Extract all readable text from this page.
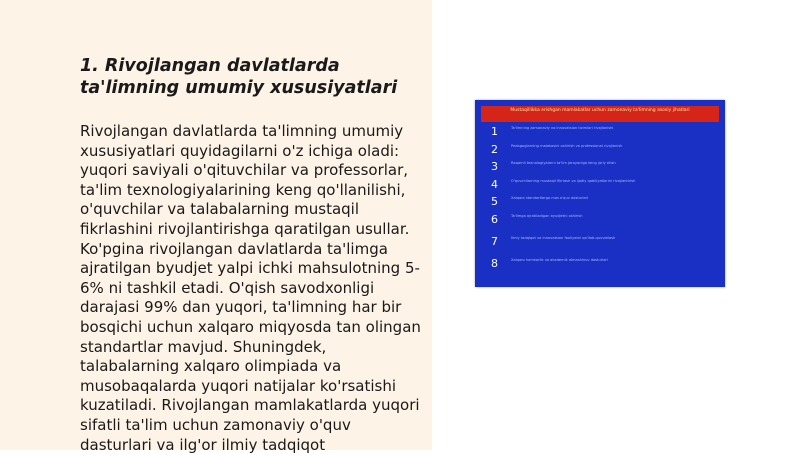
1. Rivojlangan davlatlarda ta'limning umumiy xususiyatlari

Rivojlangan davlatlarda ta'limning umumiy xususiyatlari quyidagilarni o'z ichiga oladi: yuqori saviyali o'qituvchilar va professorlar, ta'lim texnologiyalarining keng qo'llanilishi, o'quvchilar va talabalarning mustaqil fikrlashini rivojlantirishga qaratilgan usullar. Ko'pgina rivojlangan davlatlarda ta'limga ajratilgan byudjet yalpi ichki mahsulotning 5-6% ni tashkil etadi. O'qish savodxonligi darajasi 99% dan yuqori, ta'limning har bir bosqichi uchun xalqaro miqyosda tan olingan standartlar mavjud. Shuningdek, talabalarning xalqaro olimpiada va musobaqalarda yuqori natijalar ko'rsatishi kuzatiladi. Rivojlangan mamlakatlarda yuqori sifatli ta'lim uchun zamonaviy o'quv dasturlari va ilg'or ilmiy tadqiqot

Mustaqillikka erishgan mamlakatlar uchun zamonaviy ta'limning asosiy jihatlari
1	Ta'limning zamonaviy va innovatsion tizimlari rivojlanishi
2	Pedagoglarning malakasini oshirish va professional rivojlanish
3	Raqamli texnologiyalarni ta'lim jarayoniga keng joriy etish
4	O'quvchilarning mustaqil fikrlash va ijodiy qobiliyatlarini rivojlantirish
5	Xalqaro standartlarga mos o'quv dasturlari
6	Ta'limga ajratiladigan byudjetni oshirish
7	Ilmiy tadqiqot va innovatsion faoliyatni qo'llab-quvvatlash
8	Xalqaro hamkorlik va akademik almashinuv dasturlari
